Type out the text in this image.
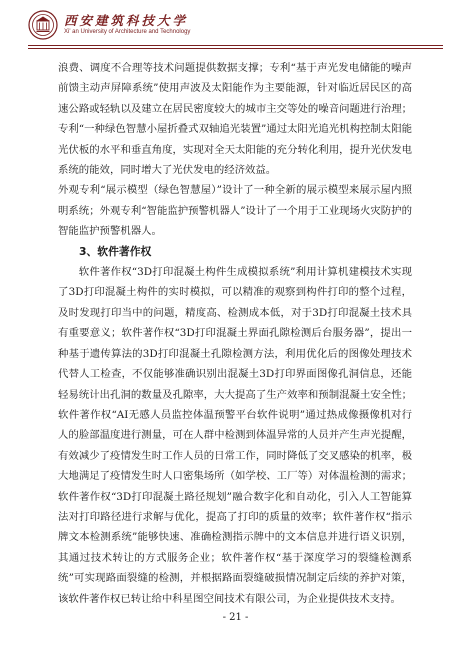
西安建筑科技大学
Xi' an University of Architecture and Technology

浪费、调度不合理等技术问题提供数据支撑；专利“基于声光发电储能的噪声前馈主动声屏障系统”使用声波及太阳能作为主要能源，针对临近居民区的高速公路或轻轨以及建立在居民密度较大的城市主交等处的噪音问题进行治理；专利“一种绿色智慧小屋折叠式双轴追光装置”通过太阳光追光机构控制太阳能光伏板的水平和垂直角度，实现对全天太阳能的充分转化利用，提升光伏发电系统的能效，同时增大了光伏发电的经济效益。

外观专利“展示模型（绿色智慧屋）”设计了一种全新的展示模型来展示屋内照明系统；外观专利“智能监护预警机器人”设计了一个用于工业现场火灾防护的智能监护预警机器人。

3、软件著作权

软件著作权“3D打印混凝土构件生成模拟系统”利用计算机建模技术实现了3D打印混凝土构件的实时模拟，可以精准的观察到构件打印的整个过程，及时发现打印当中的问题，精度高、检测成本低，对于3D打印混凝土技术具有重要意义；软件著作权“3D打印混凝土界面孔隙检测后台服务器”，提出一种基于遗传算法的3D打印混凝土孔隙检测方法，利用优化后的图像处理技术代替人工检查，不仅能够准确识别出混凝土3D打印界面图像孔洞信息，还能轻易统计出孔洞的数量及孔隙率，大大提高了生产效率和预制混凝土安全性；软件著作权“AI无感人员监控体温预警平台软件说明”通过热成像摄像机对行人的脸部温度进行测量，可在人群中检测到体温异常的人员并产生声光提醒，有效减少了疫情发生时工作人员的日常工作，同时降低了交叉感染的机率，极大地满足了疫情发生时人口密集场所（如学校、工厂等）对体温检测的需求；软件著作权“3D打印混凝土路径规划”融合数字化和自动化，引入人工智能算法对打印路径进行求解与优化，提高了打印的质量的效率；软件著作权“指示牌文本检测系统”能够快速、准确检测指示牌中的文本信息并进行语义识别，其通过技术转让的方式服务企业；软件著作权“基于深度学习的裂缝检测系统”可实现路面裂缝的检测，并根据路面裂缝破损情况制定后续的养护对策，该软件著作权已转让给中科星图空间技术有限公司，为企业提供技术支持。

- 21 -
